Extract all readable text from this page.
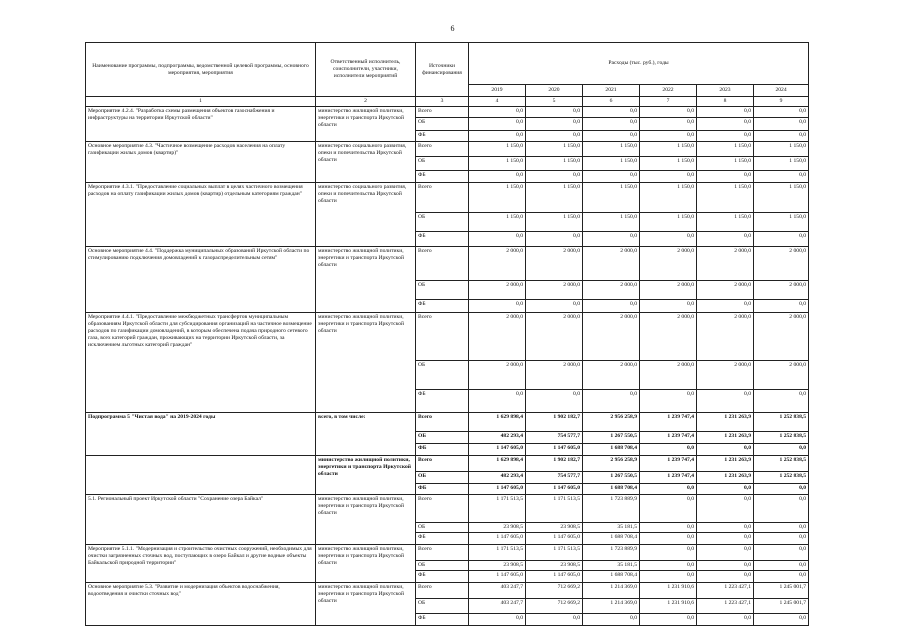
6
Наименование программы, подпрограммы, ведомственной целевой программы, основного мероприятия, мероприятия	Ответственный исполнитель, соисполнители, участники, исполнители мероприятий	Источники финансирования	Расходы (тыс. руб.), годы					
			2019	2020	2021	2022	2023	2024
1	2	3	4	5	6	7	8	9
Мероприятие 4.2.4. "Разработка схемы размещения объектов газоснабжения и инфраструктуры на территории Иркутской области"	министерство жилищной политики, энергетики и транспорта Иркутской области	Всего	0,0	0,0	0,0	0,0	0,0	0,0
		ОБ	0,0	0,0	0,0	0,0	0,0	0,0
		ФБ	0,0	0,0	0,0	0,0	0,0	0,0
Основное мероприятие 4.3. "Частичное возмещение расходов населения на оплату газификации жилых домов (квартир)"	министерство социального развития, опеки и попечительства Иркутской области	Всего	1 150,0	1 150,0	1 150,0	1 150,0	1 150,0	1 150,0
		ОБ	1 150,0	1 150,0	1 150,0	1 150,0	1 150,0	1 150,0
		ФБ	0,0	0,0	0,0	0,0	0,0	0,0
Мероприятие 4.3.1. "Предоставление социальных выплат в целях частичного возмещения расходов на оплату газификации жилых домов (квартир) отдельным категориям граждан"	министерство социального развития, опеки и попечительства Иркутской области	Всего	1 150,0	1 150,0	1 150,0	1 150,0	1 150,0	1 150,0
		ОБ	1 150,0	1 150,0	1 150,0	1 150,0	1 150,0	1 150,0
		ФБ	0,0	0,0	0,0	0,0	0,0	0,0
Основное мероприятие 4.4. "Поддержка муниципальных образований Иркутской области по стимулированию подключения домовладений к газораспределительным сетям"	министерство жилищной политики, энергетики и транспорта Иркутской области	Всего	2 000,0	2 000,0	2 000,0	2 000,0	2 000,0	2 000,0
		ОБ	2 000,0	2 000,0	2 000,0	2 000,0	2 000,0	2 000,0
		ФБ	0,0	0,0	0,0	0,0	0,0	0,0
Мероприятие 4.4.1. "Предоставление межбюджетных трансфертов муниципальным образованиям Иркутской области для субсидирования организаций на частичное возмещение расходов по газификации домовладений, в которым обеспечена подача природного сетевого газа, всех категорий граждан, проживающих на территории Иркутской области, за исключением льготных категорий граждан"	министерство жилищной политики, энергетики и транспорта Иркутской области	Всего	2 000,0	2 000,0	2 000,0	2 000,0	2 000,0	2 000,0
		ОБ	2 000,0	2 000,0	2 000,0	2 000,0	2 000,0	2 000,0
		ФБ	0,0	0,0	0,0	0,0	0,0	0,0
Подпрограмма 5 "Чистая вода" на 2019-2024 годы	всего, в том числе:	Всего	1 629 898,4	1 902 182,7	2 956 258,9	1 239 747,4	1 231 263,9	1 252 838,5
		ОБ	482 293,4	754 577,7	1 267 550,5	1 239 747,4	1 231 263,9	1 252 838,5
		ФБ	1 147 605,0	1 147 605,0	1 688 708,4	0,0	0,0	0,0
	министерство жилищной политики, энергетики и транспорта Иркутской области	Всего	1 629 898,4	1 902 182,7	2 956 258,9	1 239 747,4	1 231 263,9	1 252 838,5
		ОБ	482 293,4	754 577,7	1 267 550,5	1 239 747,4	1 231 263,9	1 252 838,5
		ФБ	1 147 605,0	1 147 605,0	1 688 708,4	0,0	0,0	0,0
5.1. Региональный проект Иркутской области "Сохранение озера Байкал"	министерство жилищной политики, энергетики и транспорта Иркутской области	Всего	1 171 513,5	1 171 513,5	1 723 889,9	0,0	0,0	0,0
		ОБ	23 908,5	23 908,5	35 181,5	0,0	0,0	0,0
		ФБ	1 147 605,0	1 147 605,0	1 688 708,4	0,0	0,0	0,0
Мероприятие 5.1.1. "Модернизация и строительство очистных сооружений, необходимых для очистки загрязненных сточных вод, поступающих в озеро Байкал и другие водные объекты Байкальской природной территории"	министерство жилищной политики, энергетики и транспорта Иркутской области	Всего	1 171 513,5	1 171 513,5	1 723 889,9	0,0	0,0	0,0
		ОБ	23 908,5	23 908,5	35 181,5	0,0	0,0	0,0
		ФБ	1 147 605,0	1 147 605,0	1 688 708,4	0,0	0,0	0,0
Основное мероприятие 5.3. "Развитие и модернизация объектов водоснабжения, водоотведения и очистки сточных вод"	министерство жилищной политики, энергетики и транспорта Иркутской области	Всего	403 247,7	712 669,2	1 214 369,0	1 231 910,6	1 223 427,1	1 245 001,7
		ОБ	403 247,7	712 669,2	1 214 369,0	1 231 910,6	1 223 427,1	1 245 001,7
		ФБ	0,0	0,0	0,0	0,0	0,0	0,0
